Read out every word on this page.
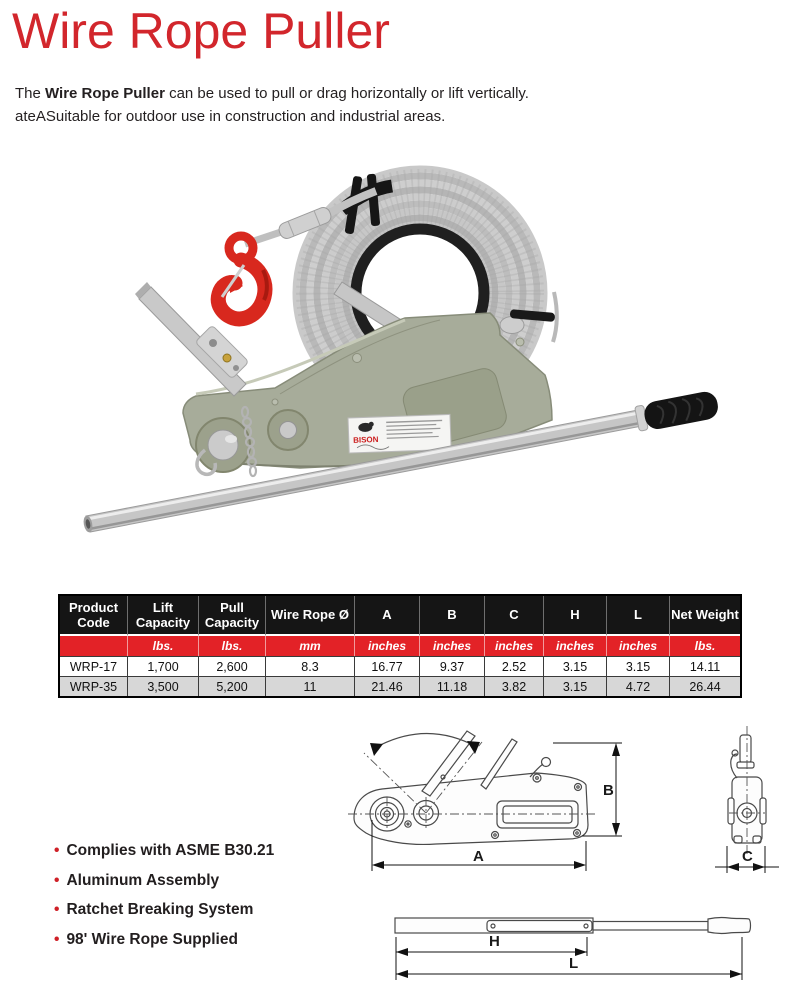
Wire Rope Puller

The Wire Rope Puller can be used to pull or drag horizontally or lift vertically.
ateASuitable for outdoor use in construction and industrial areas.

BISON
Product Code	Lift Capacity	Pull Capacity	Wire Rope Ø	A	B	C	H	L	Net Weight
	lbs.	lbs.	mm	inches	inches	inches	inches	inches	lbs.
WRP-17	1,700	2,600	8.3	16.77	9.37	2.52	3.15	3.15	14.11
WRP-35	3,500	5,200	11	21.46	11.18	3.82	3.15	4.72	26.44
• Complies with ASME B30.21
• Aluminum Assembly
• Ratchet Breaking System
• 98' Wire Rope Supplied
B
A	C
H
L
